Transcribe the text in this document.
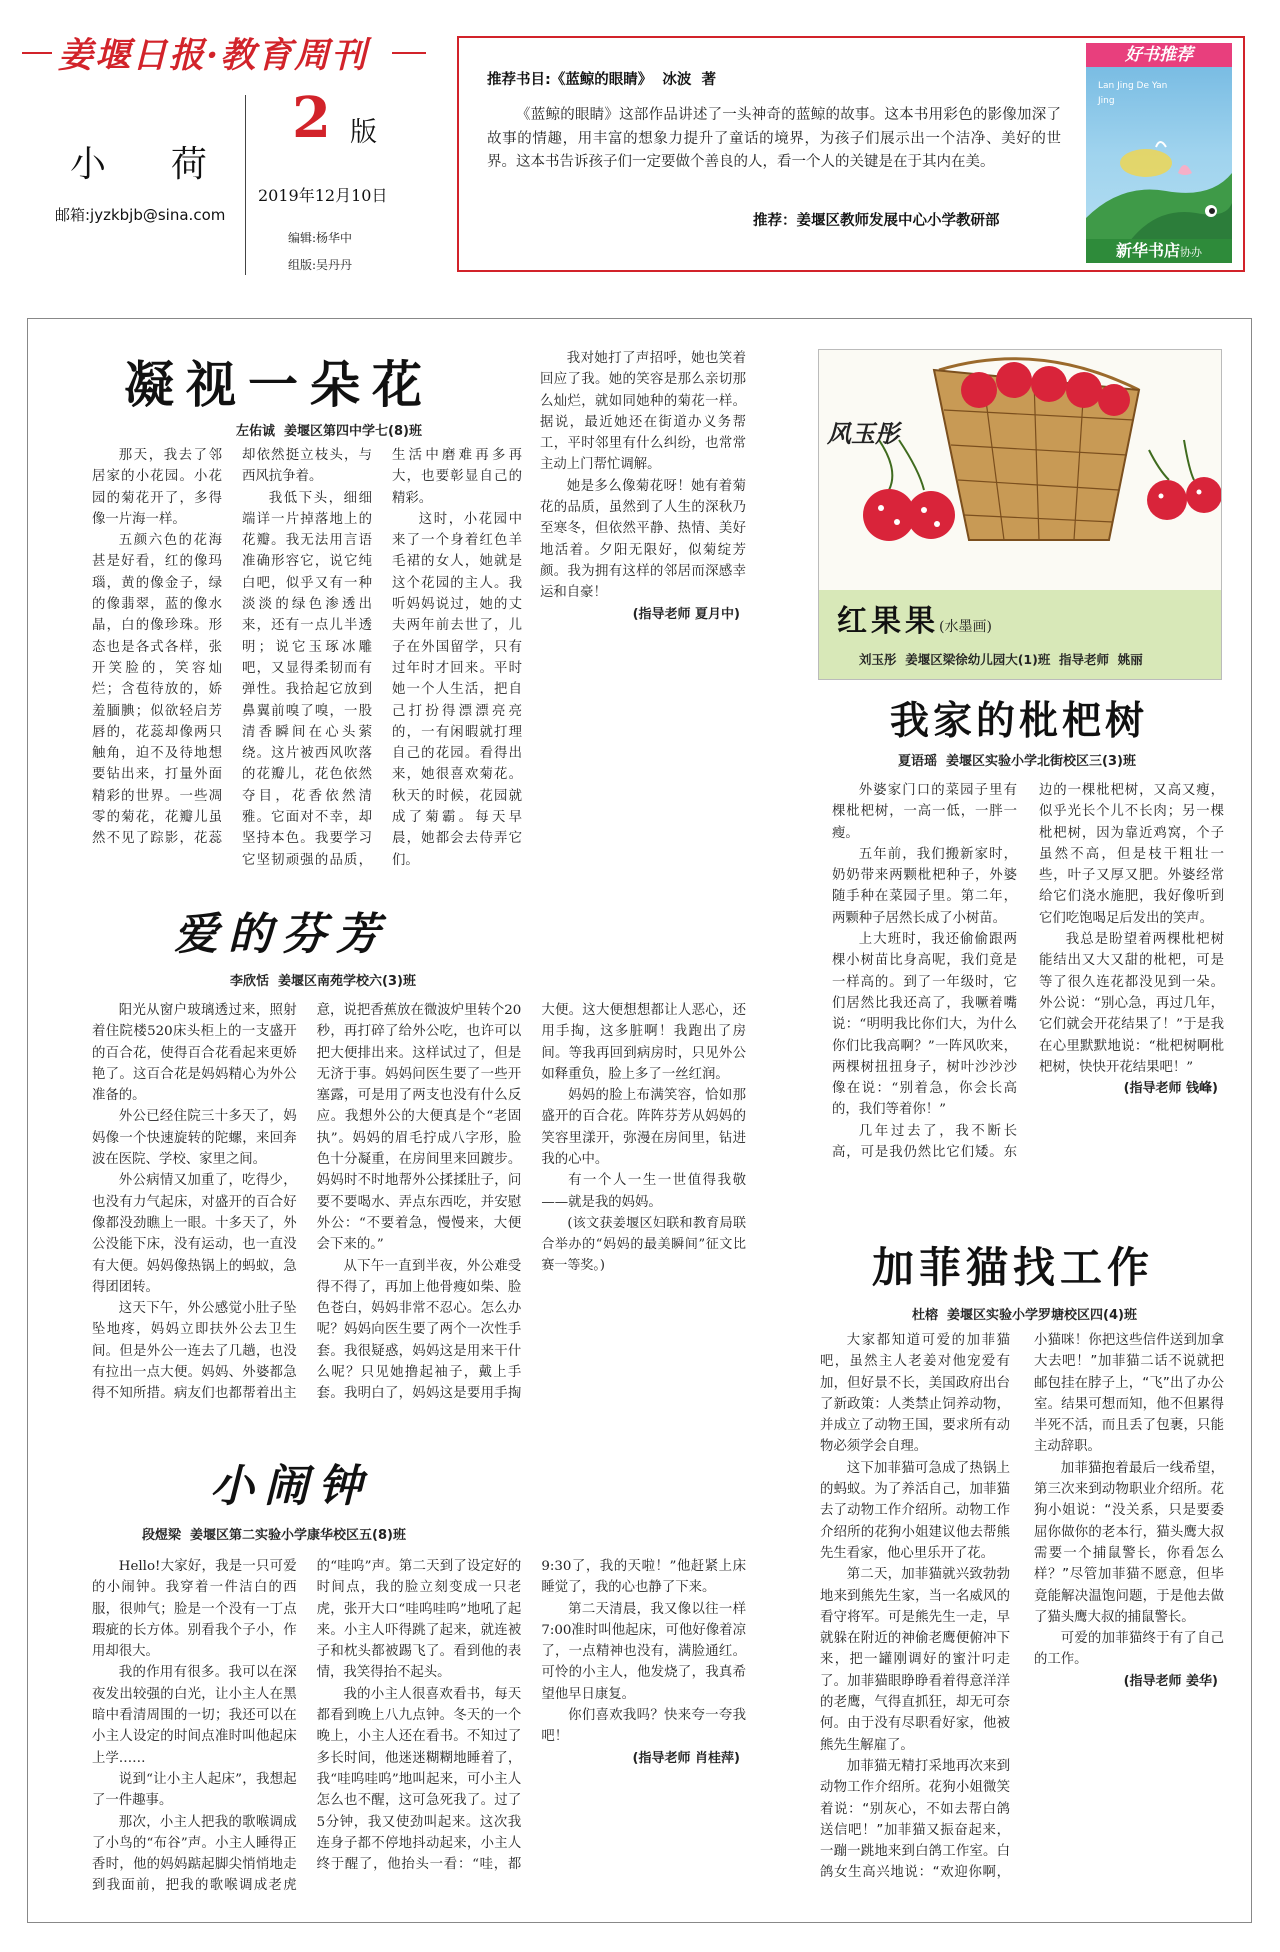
姜堰日报·教育周刊
小  荷
邮箱:jyzkbjb@sina.com
2 版
2019年12月10日
编辑:杨华中
组版:吴丹丹
推荐书目:《蓝鲸的眼睛》  冰波  著

《蓝鲸的眼睛》这部作品讲述了一头神奇的蓝鲸的故事。这本书用彩色的影像加深了故事的情趣，用丰富的想象力提升了童话的境界，为孩子们展示出一个洁净、美好的世界。这本书告诉孩子们一定要做个善良的人，看一个人的关键是在于其内在美。

推荐：姜堰区教师发展中心小学教研部
好书推荐
Lan Jing De Yan Jing
新华书店协办
凝视一朵花
左佑诚  姜堰区第四中学七(8)班

那天，我去了邻居家的小花园。小花园的菊花开了，多得像一片海一样。

五颜六色的花海甚是好看，红的像玛瑙，黄的像金子，绿的像翡翠，蓝的像水晶，白的像珍珠。形态也是各式各样，张开笑脸的，笑容灿烂；含苞待放的，娇羞腼腆；似欲轻启芳唇的，花蕊却像两只触角，迫不及待地想要钻出来，打量外面精彩的世界。一些凋零的菊花，花瓣儿虽然不见了踪影，花蕊却依然挺立枝头，与西风抗争着。

我低下头，细细端详一片掉落地上的花瓣。我无法用言语准确形容它，说它纯白吧，似乎又有一种淡淡的绿色渗透出来，还有一点儿半透明；说它玉琢冰雕吧，又显得柔韧而有弹性。我拾起它放到鼻翼前嗅了嗅，一股清香瞬间在心头萦绕。这片被西风吹落的花瓣儿，花色依然夺目，花香依然清雅。它面对不幸，却坚持本色。我要学习它坚韧顽强的品质，生活中磨难再多再大，也要彰显自己的精彩。

这时，小花园中来了一个身着红色羊毛裙的女人，她就是这个花园的主人。我听妈妈说过，她的丈夫两年前去世了，儿子在外国留学，只有过年时才回来。平时她一个人生活，把自己打扮得漂漂亮亮的，一有闲暇就打理自己的花园。看得出来，她很喜欢菊花。秋天的时候，花园就成了菊霸。每天早晨，她都会去侍弄它们。

我对她打了声招呼，她也笑着回应了我。她的笑容是那么亲切那么灿烂，就如同她种的菊花一样。据说，最近她还在街道办义务帮工，平时邻里有什么纠纷，也常常主动上门帮忙调解。

她是多么像菊花呀！她有着菊花的品质，虽然到了人生的深秋乃至寒冬，但依然平静、热情、美好地活着。夕阳无限好，似菊绽芳颜。我为拥有这样的邻居而深感幸运和自豪！

(指导老师 夏月中)
爱的芬芳
李欣恬  姜堰区南苑学校六(3)班

阳光从窗户玻璃透过来，照射着住院楼520床头柜上的一支盛开的百合花，使得百合花看起来更娇艳了。这百合花是妈妈精心为外公准备的。

外公已经住院三十多天了，妈妈像一个快速旋转的陀螺，来回奔波在医院、学校、家里之间。

外公病情又加重了，吃得少，也没有力气起床，对盛开的百合好像都没劲瞧上一眼。十多天了，外公没能下床，没有运动，也一直没有大便。妈妈像热锅上的蚂蚁，急得团团转。

这天下午，外公感觉小肚子坠坠地疼，妈妈立即扶外公去卫生间。但是外公一连去了几趟，也没有拉出一点大便。妈妈、外婆都急得不知所措。病友们也都帮着出主意，说把香蕉放在微波炉里转个20秒，再打碎了给外公吃，也许可以把大便排出来。这样试过了，但是无济于事。妈妈问医生要了一些开塞露，可是用了两支也没有什么反应。我想外公的大便真是个“老固执”。妈妈的眉毛拧成八字形，脸色十分凝重，在房间里来回踱步。妈妈时不时地帮外公揉揉肚子，问要不要喝水、弄点东西吃，并安慰外公：“不要着急，慢慢来，大便会下来的。”

从下午一直到半夜，外公难受得不得了，再加上他骨瘦如柴、脸色苍白，妈妈非常不忍心。怎么办呢？妈妈向医生要了两个一次性手套。我很疑惑，妈妈这是用来干什么呢？只见她撸起袖子，戴上手套。我明白了，妈妈这是要用手掏大便。这大便想想都让人恶心，还用手掏，这多脏啊！我跑出了房间。等我再回到病房时，只见外公如释重负，脸上多了一丝红润。

妈妈的脸上布满笑容，恰如那盛开的百合花。阵阵芬芳从妈妈的笑容里漾开，弥漫在房间里，钻进我的心中。

有一个人一生一世值得我敬——就是我的妈妈。

(该文获姜堰区妇联和教育局联合举办的“妈妈的最美瞬间”征文比赛一等奖。)

小闹钟
段煜梁  姜堰区第二实验小学康华校区五(8)班

Hello!大家好，我是一只可爱的小闹钟。我穿着一件洁白的西服，很帅气；脸是一个没有一丁点瑕疵的长方体。别看我个子小，作用却很大。

我的作用有很多。我可以在深夜发出较强的白光，让小主人在黑暗中看清周围的一切；我还可以在小主人设定的时间点准时叫他起床上学……

说到“让小主人起床”，我想起了一件趣事。

那次，小主人把我的歌喉调成了小鸟的“布谷”声。小主人睡得正香时，他的妈妈踮起脚尖悄悄地走到我面前，把我的歌喉调成老虎的“哇呜”声。第二天到了设定好的时间点，我的脸立刻变成一只老虎，张开大口“哇呜哇呜”地吼了起来。小主人吓得跳了起来，就连被子和枕头都被踢飞了。看到他的表情，我笑得抬不起头。

我的小主人很喜欢看书，每天都看到晚上八九点钟。冬天的一个晚上，小主人还在看书。不知过了多长时间，他迷迷糊糊地睡着了，我“哇呜哇呜”地叫起来，可小主人怎么也不醒，这可急死我了。过了5分钟，我又使劲叫起来。这次我连身子都不停地抖动起来，小主人终于醒了，他抬头一看：“哇，都9:30了，我的天啦！”他赶紧上床睡觉了，我的心也静了下来。

第二天清晨，我又像以往一样7:00准时叫他起床，可他好像着凉了，一点精神也没有，满脸通红。可怜的小主人，他发烧了，我真希望他早日康复。

你们喜欢我吗？快来夸一夸我吧！

(指导老师 肖桂萍)
风玉彤
红果果(水墨画)
刘玉彤  姜堰区梁徐幼儿园大(1)班  指导老师  姚丽
我家的枇杷树
夏语瑶  姜堰区实验小学北街校区三(3)班

外婆家门口的菜园子里有棵枇杷树，一高一低，一胖一瘦。

五年前，我们搬新家时，奶奶带来两颗枇杷种子，外婆随手种在菜园子里。第二年，两颗种子居然长成了小树苗。

上大班时，我还偷偷跟两棵小树苗比身高呢，我们竟是一样高的。到了一年级时，它们居然比我还高了，我噘着嘴说：“明明我比你们大，为什么你们比我高啊？”一阵风吹来，两棵树扭扭身子，树叶沙沙沙像在说：“别着急，你会长高的，我们等着你！”

几年过去了，我不断长高，可是我仍然比它们矮。东边的一棵枇杷树，又高又瘦，似乎光长个儿不长肉；另一棵枇杷树，因为靠近鸡窝，个子虽然不高，但是枝干粗壮一些，叶子又厚又肥。外婆经常给它们浇水施肥，我好像听到它们吃饱喝足后发出的笑声。

我总是盼望着两棵枇杷树能结出又大又甜的枇杷，可是等了很久连花都没见到一朵。外公说：“别心急，再过几年，它们就会开花结果了！”于是我在心里默默地说：“枇杷树啊枇杷树，快快开花结果吧！”

(指导老师 钱峰)
加菲猫找工作
杜榕  姜堰区实验小学罗塘校区四(4)班

大家都知道可爱的加菲猫吧，虽然主人老姜对他宠爱有加，但好景不长，美国政府出台了新政策：人类禁止饲养动物，并成立了动物王国，要求所有动物必须学会自理。

这下加菲猫可急成了热锅上的蚂蚁。为了养活自己，加菲猫去了动物工作介绍所。动物工作介绍所的花狗小姐建议他去帮熊先生看家，他心里乐开了花。

第二天，加菲猫就兴致勃勃地来到熊先生家，当一名威风的看守将军。可是熊先生一走，早就躲在附近的神偷老鹰便俯冲下来，把一罐刚调好的蜜汁叼走了。加菲猫眼睁睁看着得意洋洋的老鹰，气得直抓狂，却无可奈何。由于没有尽职看好家，他被熊先生解雇了。

加菲猫无精打采地再次来到动物工作介绍所。花狗小姐微笑着说：“别灰心，不如去帮白鸽送信吧！”加菲猫又振奋起来，一蹦一跳地来到白鸽工作室。白鸽女生高兴地说：“欢迎你啊，小猫咪！你把这些信件送到加拿大去吧！”加菲猫二话不说就把邮包挂在脖子上，“飞”出了办公室。结果可想而知，他不但累得半死不活，而且丢了包裹，只能主动辞职。

加菲猫抱着最后一线希望，第三次来到动物职业介绍所。花狗小姐说：“没关系，只是要委屈你做你的老本行，猫头鹰大叔需要一个捕鼠警长，你看怎么样？”尽管加菲猫不愿意，但毕竟能解决温饱问题，于是他去做了猫头鹰大叔的捕鼠警长。

可爱的加菲猫终于有了自己的工作。

(指导老师 姜华)
